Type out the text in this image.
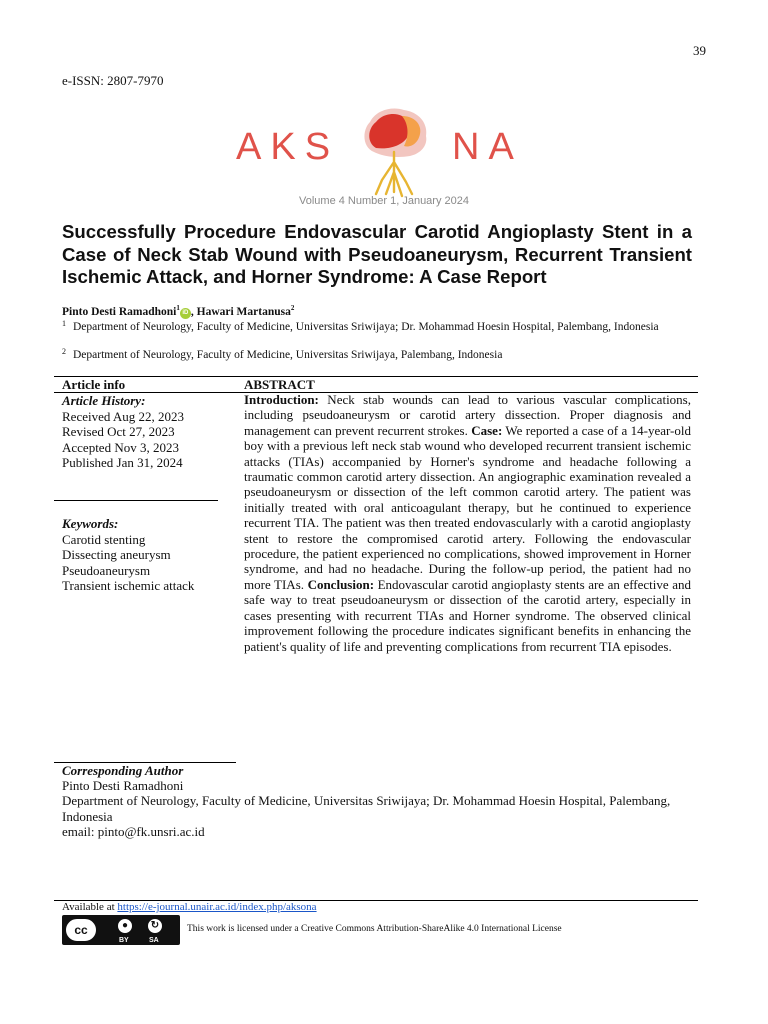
39
e-ISSN: 2807-7970
AKS	NA
Volume 4 Number 1, January 2024
Successfully Procedure Endovascular Carotid Angioplasty Stent in a Case of Neck Stab Wound with Pseudoaneurysm, Recurrent Transient Ischemic Attack, and Horner Syndrome: A Case Report
Pinto Desti Ramadhoni$^1$iD , Hawari Martanusa$^2$
1 Department of Neurology, Faculty of Medicine, Universitas Sriwijaya; Dr. Mohammad Hoesin Hospital, Palembang, Indonesia
2 Department of Neurology, Faculty of Medicine, Universitas Sriwijaya, Palembang, Indonesia
Article info	ABSTRACT
Article History:
Received Aug 22, 2023
Revised Oct 27, 2023
Accepted Nov 3, 2023
Published Jan 31, 2024
Keywords:
Carotid stenting
Dissecting aneurysm
Pseudoaneurysm
Transient ischemic attack
Introduction: Neck stab wounds can lead to various vascular complications, including pseudoaneurysm or carotid artery dissection. Proper diagnosis and management can prevent recurrent strokes. Case: We reported a case of a 14-year-old boy with a previous left neck stab wound who developed recurrent transient ischemic attacks (TIAs) accompanied by Horner's syndrome and headache following a traumatic common carotid artery dissection. An angiographic examination revealed a pseudoaneurysm or dissection of the left common carotid artery. The patient was initially treated with oral anticoagulant therapy, but he continued to experience recurrent TIA. The patient was then treated endovascularly with a carotid angioplasty stent to restore the compromised carotid artery. Following the endovascular procedure, the patient experienced no complications, showed improvement in Horner syndrome, and had no headache. During the follow-up period, the patient had no more TIAs. Conclusion: Endovascular carotid angioplasty stents are an effective and safe way to treat pseudoaneurysm or dissection of the carotid artery, especially in cases presenting with recurrent TIAs and Horner syndrome. The observed clinical improvement following the procedure indicates significant benefits in enhancing the patient's quality of life and preventing complications from recurrent TIA episodes.
Corresponding Author
Pinto Desti Ramadhoni
Department of Neurology, Faculty of Medicine, Universitas Sriwijaya; Dr. Mohammad Hoesin Hospital, Palembang, Indonesia
email: pinto@fk.unsri.ac.id
Available at https://e-journal.unair.ac.id/index.php/aksona
cc	●	↻
BY	SA
This work is licensed under a Creative Commons Attribution-ShareAlike 4.0 International License
